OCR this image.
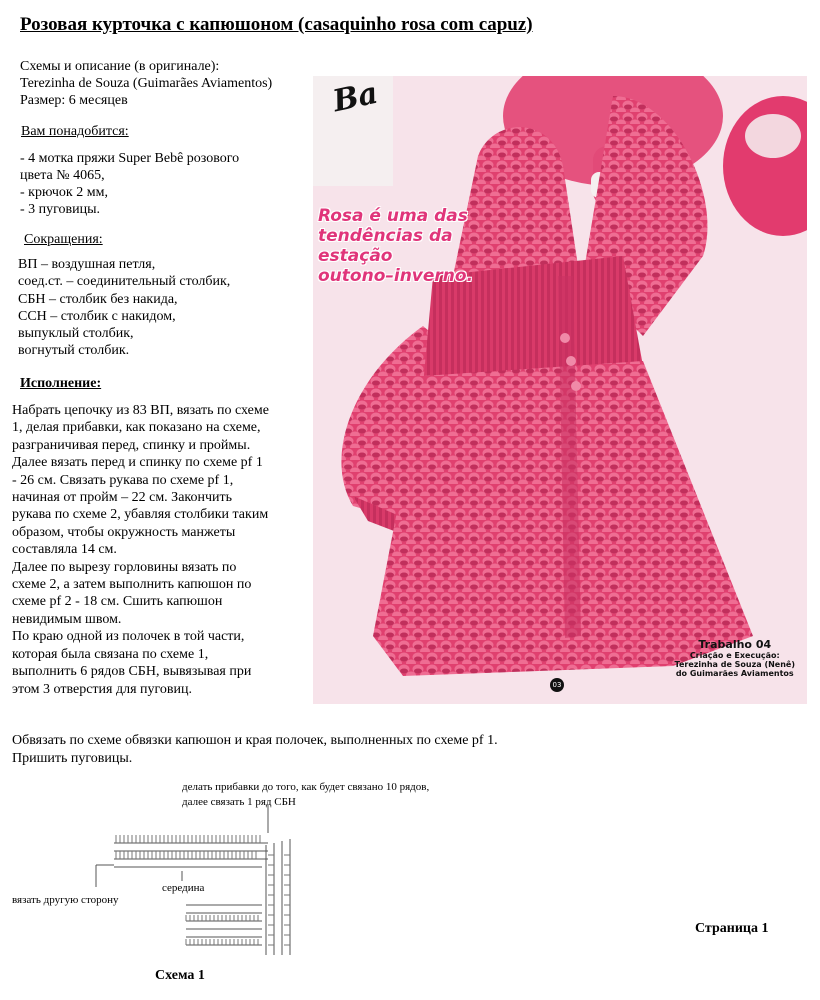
Розовая курточка с капюшоном (casaquinho rosa com capuz)
Схемы и описание (в оригинале):
Terezinha de Souza (Guimarães Aviamentos)
Размер: 6 месяцев
Вам понадобится:
- 4 мотка пряжи Super Bebê розового
цвета № 4065,
- крючок 2 мм,
- 3 пуговицы.
Сокращения:
ВП – воздушная петля,
соед.ст. – соединительный столбик,
СБН – столбик без накида,
ССН – столбик с накидом,
выпуклый столбик,
вогнутый столбик.
Исполнение:
Набрать цепочку из 83 ВП, вязать по схеме
1, делая прибавки, как показано на схеме,
разграничивая перед, спинку и проймы.
Далее вязать перед и спинку по схеме pf 1
- 26 см. Связать рукава по схеме pf 1,
начиная от пройм – 22 см. Закончить
рукава по схеме 2, убавляя столбики таким
образом, чтобы окружность манжеты
составляла 14 см.
Далее по вырезу горловины вязать по
схеме 2, а затем выполнить капюшон по
схеме pf 2 - 18 см. Сшить капюшон
невидимым швом.
По краю одной из полочек в той части,
которая была связана по схеме 1,
выполнить 6 рядов СБН, вывязывая при
этом 3 отверстия для пуговиц.
Обвязать по схеме обвязки капюшон и края полочек, выполненных по схеме pf 1.
Пришить пуговицы.
Ba
03
Trabalho 04
Criação e Execução:
Terezinha de Souza (Nenê)
do Guimarães Aviamentos
Rosa é uma das
tendências da
estação
outono–inverno.
делать прибавки до того, как будет связано 10 рядов,
далее связать 1 ряд СБН
середина
вязать другую сторону
Схема 1
Страница 1
